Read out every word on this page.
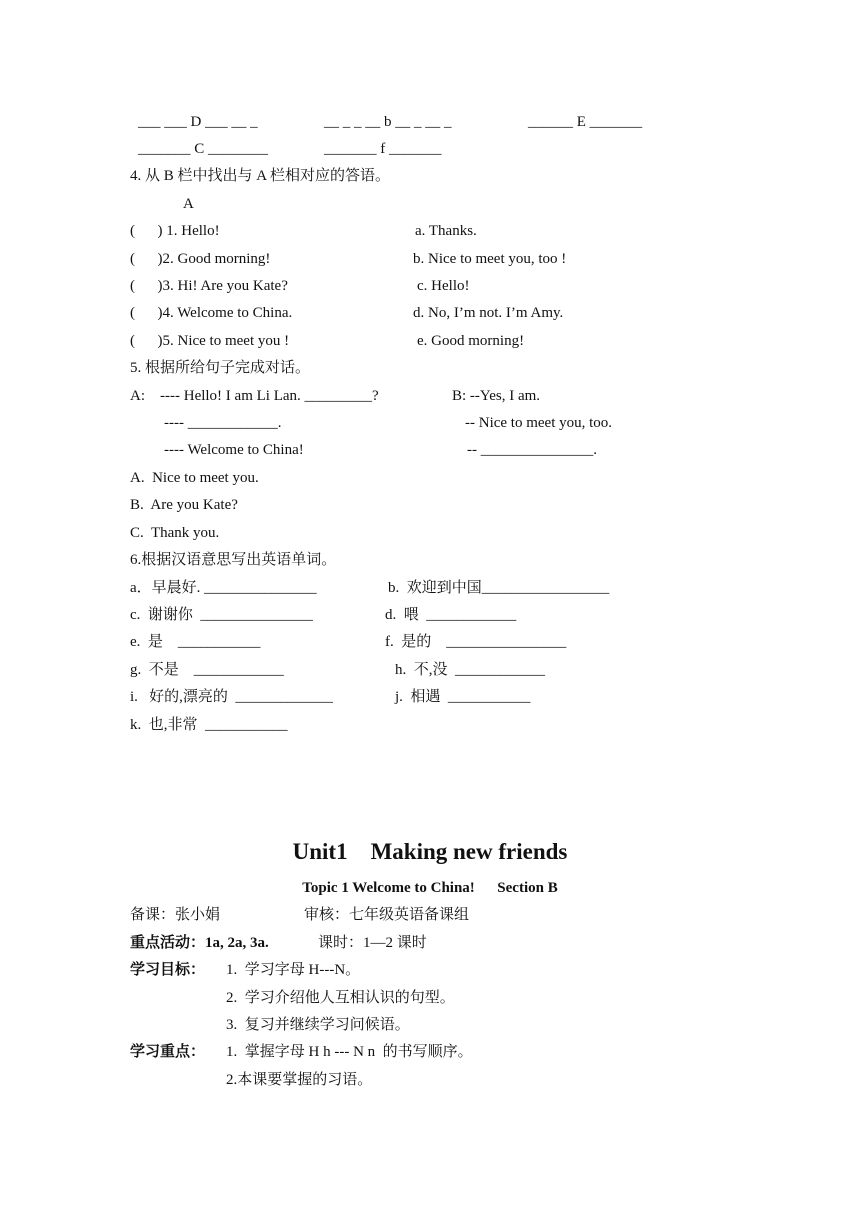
___ ___ D ___ __ _	__ _ _ __ b __ _ __ _	______ E _______
_______ C ________	_______ f _______
4. 从 B 栏中找出与 A 栏相对应的答语。
A
(      ) 1. Hello!	a. Thanks.
(      )2. Good morning!	b. Nice to meet you, too !
(      )3. Hi! Are you Kate?	c. Hello!
(      )4. Welcome to China.	d. No, I’m not. I’m Amy.
(      )5. Nice to meet you !	e. Good morning!
5. 根据所给句子完成对话。
A:    ---- Hello! I am Li Lan. _________?	B: --Yes, I am.
---- ____________.	-- Nice to meet you, too.
---- Welcome to China!	-- _______________.
A.  Nice to meet you.
B.  Are you Kate?
C.  Thank you.
6.根据汉语意思写出英语单词。
a．早晨好. _______________	b.  欢迎到中国_________________
c.  谢谢你  _______________	d.  喂  ____________
e.  是    ___________	f.  是的    ________________
g.  不是    ____________	h.  不,没  ____________
i.   好的,漂亮的  _____________	j.  相遇  ___________
k.  也,非常  ___________
Unit1    Making new friends
Topic 1 Welcome to China!      Section B
备课：张小娟	审核：七年级英语备课组
重点活动：1a, 2a, 3a.	课时：1—2 课时
学习目标： 1.  学习字母 H---N。
2.  学习介绍他人互相认识的句型。
3.  复习并继续学习问候语。
学习重点： 1.  掌握字母 H h --- N n  的书写顺序。
2.本课要掌握的习语。
